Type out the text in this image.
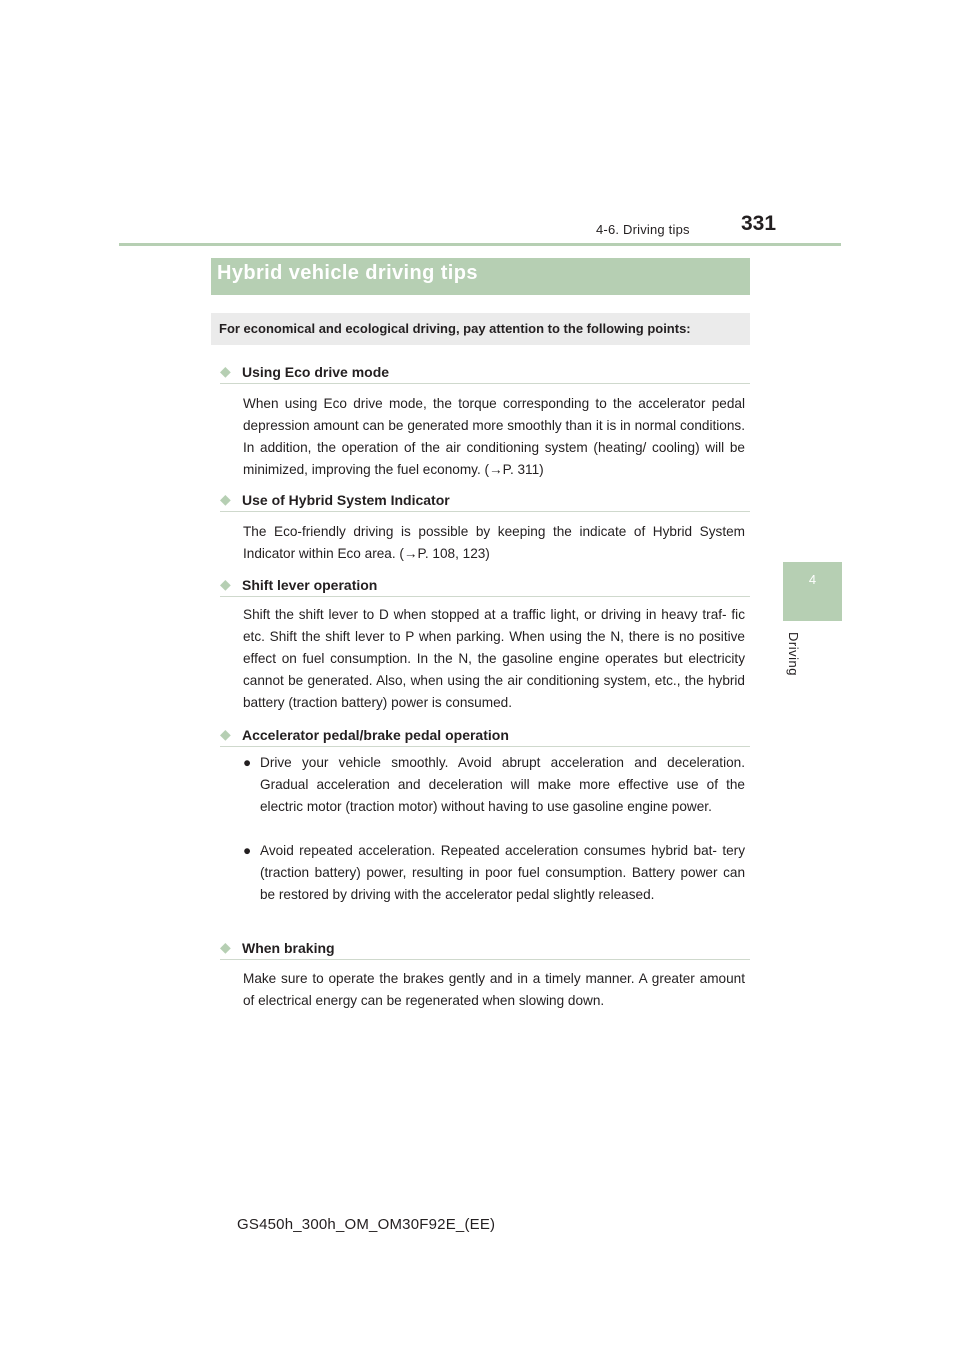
4-6. Driving tips 331
4
Driving
Hybrid vehicle driving tips
For economical and ecological driving, pay attention to the following points:
◆ Using Eco drive mode
When using Eco drive mode, the torque corresponding to the accelerator pedal depression amount can be generated more smoothly than it is in normal conditions. In addition, the operation of the air conditioning system (heating/ cooling) will be minimized, improving the fuel economy. (→P. 311)
◆ Use of Hybrid System Indicator
The Eco-friendly driving is possible by keeping the indicate of Hybrid System Indicator within Eco area. (→P. 108, 123)
◆ Shift lever operation
Shift the shift lever to D when stopped at a traffic light, or driving in heavy traf- fic etc. Shift the shift lever to P when parking. When using the N, there is no positive effect on fuel consumption. In the N, the gasoline engine operates but electricity cannot be generated. Also, when using the air conditioning system, etc., the hybrid battery (traction battery) power is consumed.
◆ Accelerator pedal/brake pedal operation
● Drive your vehicle smoothly. Avoid abrupt acceleration and deceleration. Gradual acceleration and deceleration will make more effective use of the electric motor (traction motor) without having to use gasoline engine power.
● Avoid repeated acceleration. Repeated acceleration consumes hybrid bat- tery (traction battery) power, resulting in poor fuel consumption. Battery power can be restored by driving with the accelerator pedal slightly released.
◆ When braking
Make sure to operate the brakes gently and in a timely manner. A greater amount of electrical energy can be regenerated when slowing down.
GS450h_300h_OM_OM30F92E_(EE)
